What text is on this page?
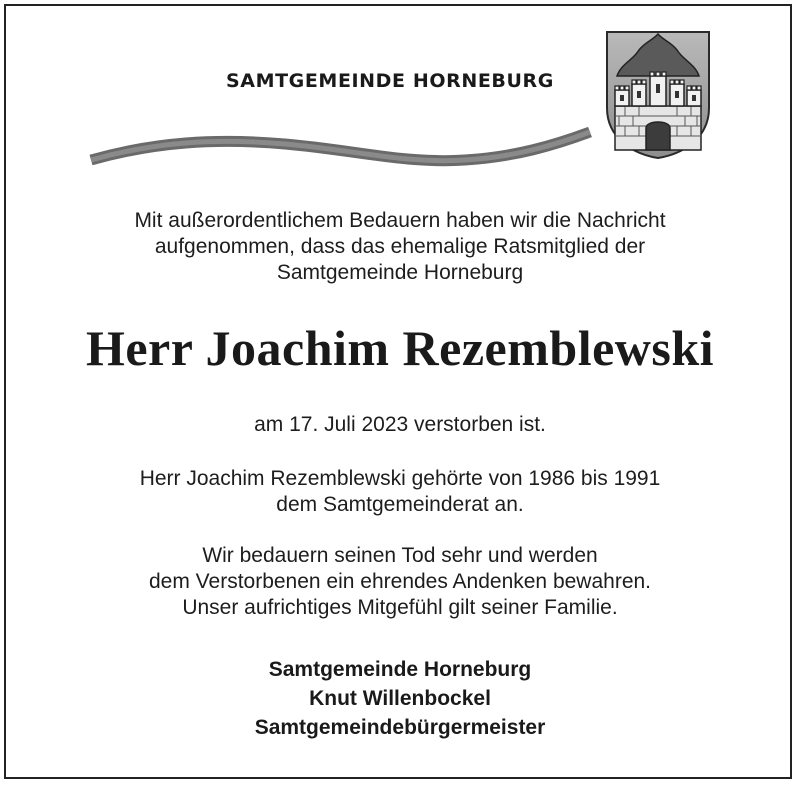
SAMTGEMEINDE HORNEBURG
Mit außerordentlichem Bedauern haben wir die Nachricht
aufgenommen, dass das ehemalige Ratsmitglied der
Samtgemeinde Horneburg
Herr Joachim Rezemblewski
am 17. Juli 2023 verstorben ist.
Herr Joachim Rezemblewski gehörte von 1986 bis 1991
dem Samtgemeinderat an.
Wir bedauern seinen Tod sehr und werden
dem Verstorbenen ein ehrendes Andenken bewahren.
Unser aufrichtiges Mitgefühl gilt seiner Familie.
Samtgemeinde Horneburg
Knut Willenbockel
Samtgemeindebürgermeister
